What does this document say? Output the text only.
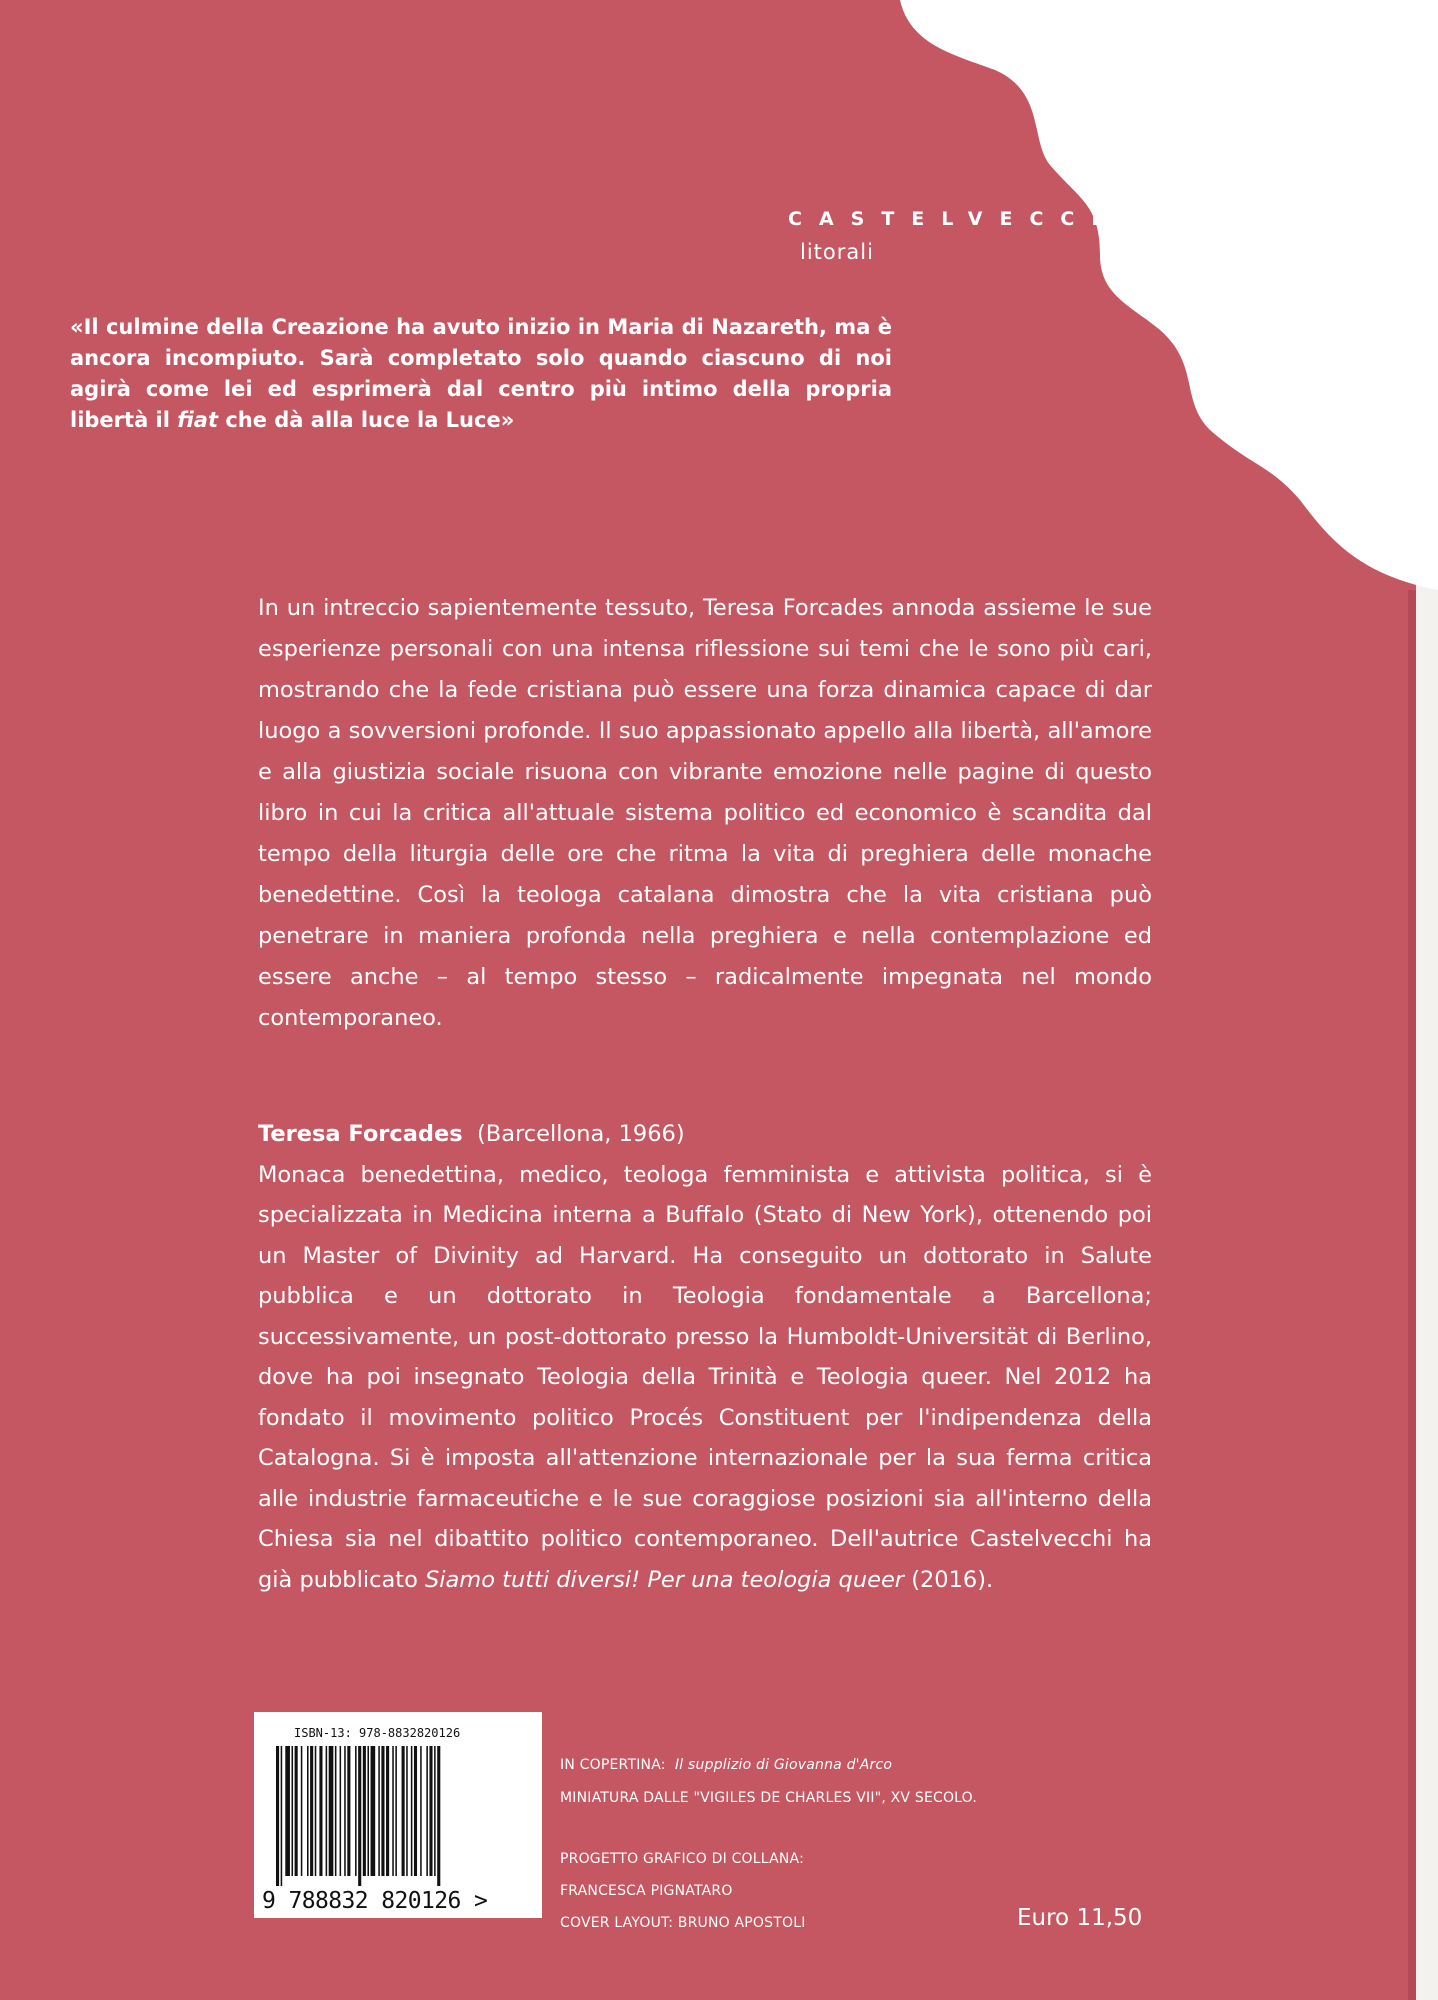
CASTELVECCHI

litorali

«Il culmine della Creazione ha avuto inizio in Maria di Nazareth, ma è ancora incompiuto. Sarà completato solo quando ciascuno di noi agirà come lei ed esprimerà dal centro più intimo della propria libertà il fiat che dà alla luce la Luce»

In un intreccio sapientemente tessuto, Teresa Forcades annoda assieme le sue esperienze personali con una intensa riflessione sui temi che le sono più cari, mostrando che la fede cristiana può essere una forza dinamica capace di dar luogo a sovversioni profonde. Il suo appassionato appello alla libertà, all'amore e alla giustizia sociale risuona con vibrante emozione nelle pagine di questo libro in cui la critica all'attuale sistema politico ed economico è scandita dal tempo della liturgia delle ore che ritma la vita di preghiera delle monache benedettine. Così la teologa catalana dimostra che la vita cristiana può penetrare in maniera profonda nella preghiera e nella contemplazione ed essere anche – al tempo stesso – radicalmente impegnata nel mondo contemporaneo.

Teresa Forcades (Barcellona, 1966)
Monaca benedettina, medico, teologa femminista e attivista politica, si è specializzata in Medicina interna a Buffalo (Stato di New York), ottenendo poi un Master of Divinity ad Harvard. Ha conseguito un dottorato in Salute pubblica e un dottorato in Teologia fondamentale a Barcellona; successivamente, un post-dottorato presso la Humboldt-Universität di Berlino, dove ha poi insegnato Teologia della Trinità e Teologia queer. Nel 2012 ha fondato il movimento politico Procés Constituent per l'indipendenza della Catalogna. Si è imposta all'attenzione internazionale per la sua ferma critica alle industrie farmaceutiche e le sue coraggiose posizioni sia all'interno della Chiesa sia nel dibattito politico contemporaneo. Dell'autrice Castelvecchi ha già pubblicato Siamo tutti diversi! Per una teologia queer (2016).

ISBN-13: 978-8832820126

9 788832 820126 >

IN COPERTINA: Il supplizio di Giovanna d'Arco

MINIATURA DALLE "VIGILES DE CHARLES VII", XV SECOLO.

PROGETTO GRAFICO DI COLLANA:

FRANCESCA PIGNATARO

COVER LAYOUT: BRUNO APOSTOLI	Euro 11,50
